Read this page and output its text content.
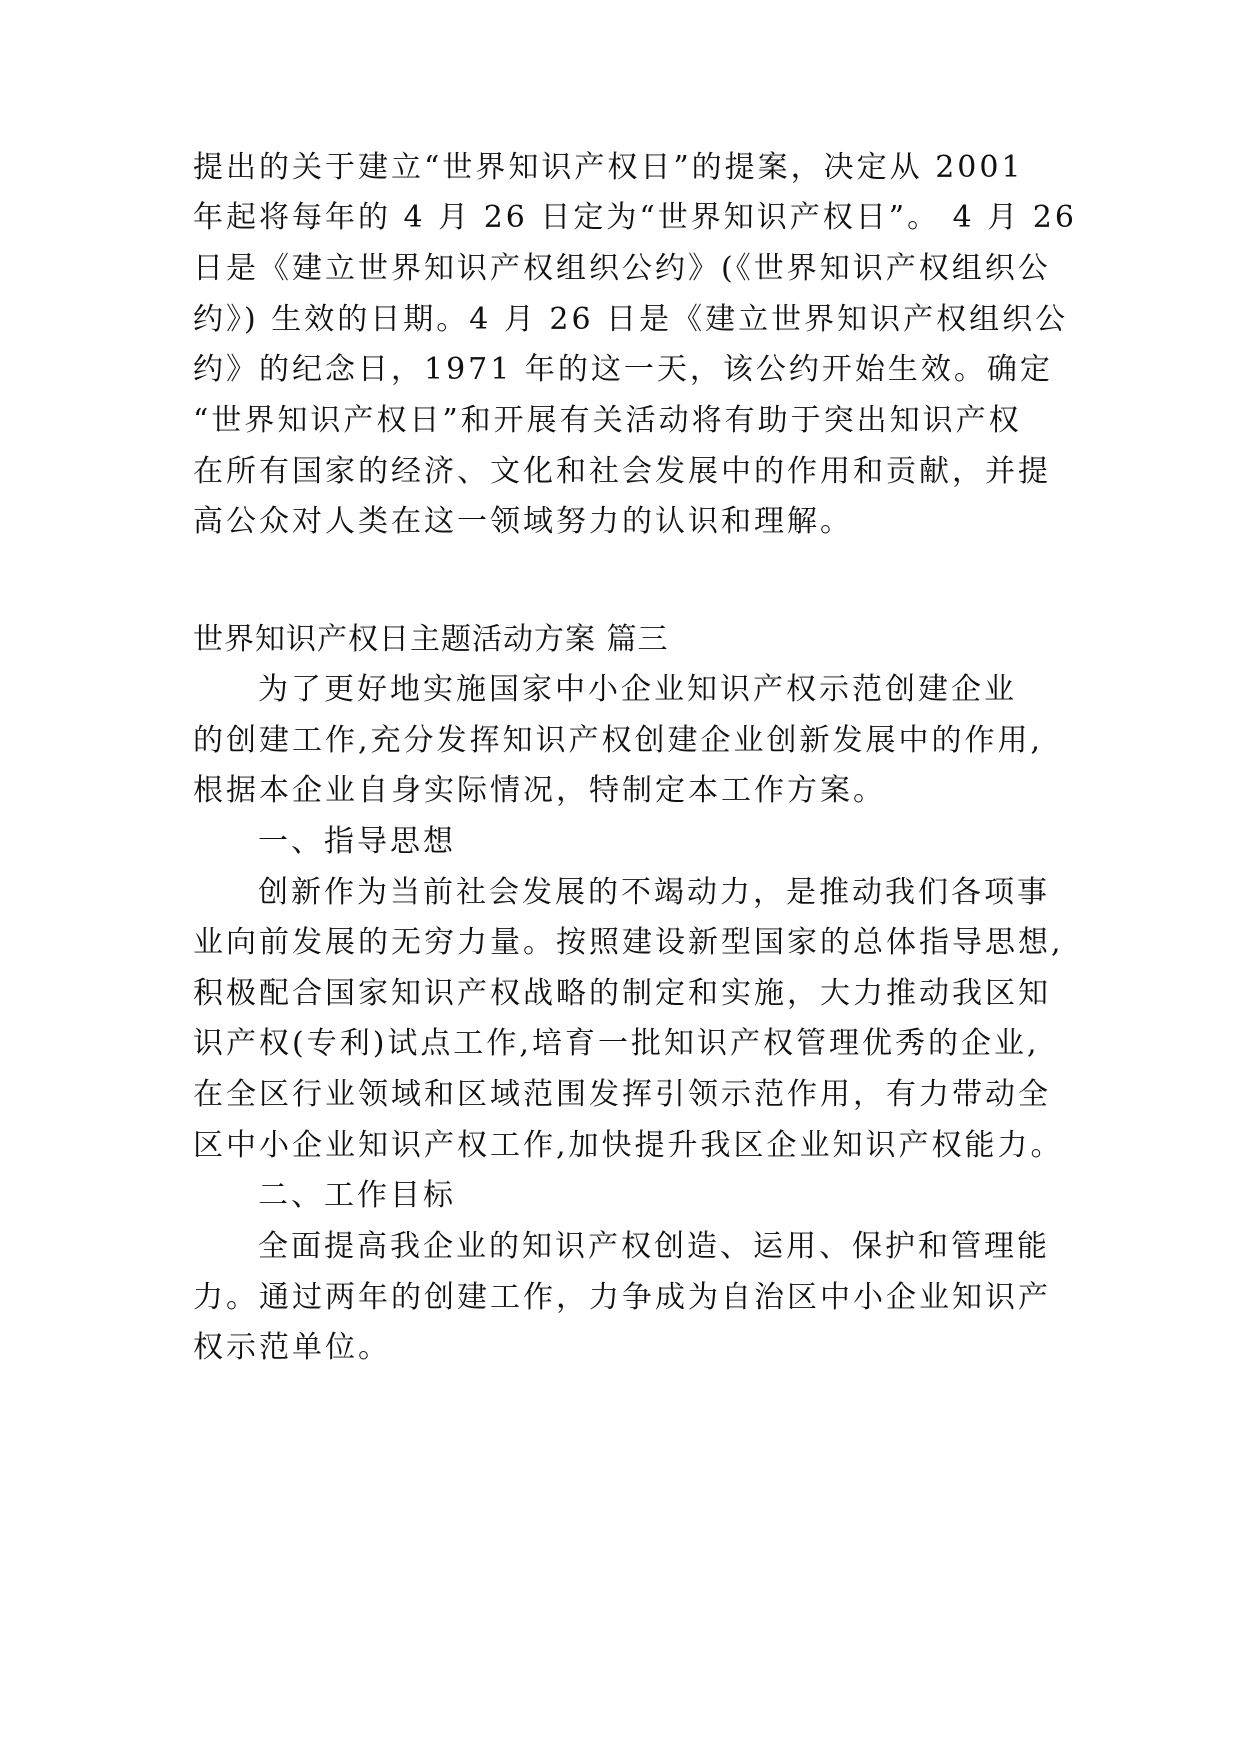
提出的关于建立“世界知识产权日”的提案，决定从 2001
年起将每年的 4 月 26 日定为“世界知识产权日”。 4 月 26
日是《建立世界知识产权组织公约》(《世界知识产权组织公
约》) 生效的日期。4 月 26 日是《建立世界知识产权组织公
约》的纪念日，1971 年的这一天，该公约开始生效。确定
“世界知识产权日”和开展有关活动将有助于突出知识产权
在所有国家的经济、文化和社会发展中的作用和贡献，并提
高公众对人类在这一领域努力的认识和理解。
世界知识产权日主题活动方案 篇三
为了更好地实施国家中小企业知识产权示范创建企业
的创建工作,充分发挥知识产权创建企业创新发展中的作用,
根据本企业自身实际情况，特制定本工作方案。
一、指导思想
创新作为当前社会发展的不竭动力，是推动我们各项事
业向前发展的无穷力量。按照建设新型国家的总体指导思想,
积极配合国家知识产权战略的制定和实施，大力推动我区知
识产权(专利)试点工作,培育一批知识产权管理优秀的企业,
在全区行业领域和区域范围发挥引领示范作用，有力带动全
区中小企业知识产权工作,加快提升我区企业知识产权能力。
二、工作目标
全面提高我企业的知识产权创造、运用、保护和管理能
力。通过两年的创建工作，力争成为自治区中小企业知识产
权示范单位。
